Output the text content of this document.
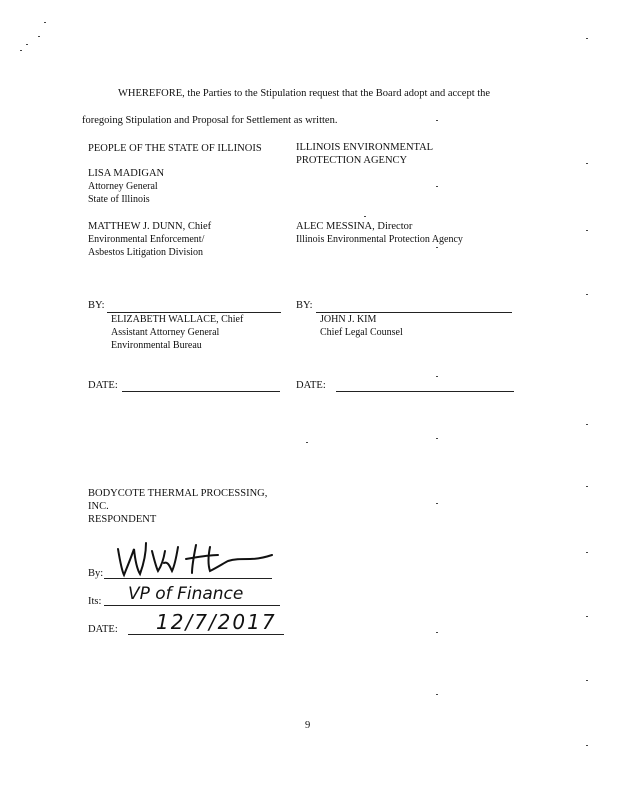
WHEREFORE, the Parties to the Stipulation request that the Board adopt and accept the
foregoing Stipulation and Proposal for Settlement as written.
PEOPLE OF THE STATE OF ILLINOIS
LISA MADIGAN
Attorney General
State of Illinois
MATTHEW J. DUNN, Chief
Environmental Enforcement/
Asbestos Litigation Division
BY:
ELIZABETH WALLACE, Chief
Assistant Attorney General
Environmental Bureau
DATE:
ILLINOIS ENVIRONMENTAL
PROTECTION AGENCY
ALEC MESSINA, Director
Illinois Environmental Protection Agency
BY:
JOHN J. KIM
Chief Legal Counsel
DATE:
BODYCOTE THERMAL PROCESSING,
INC.
RESPONDENT
By:
Its: VP of Finance
DATE: 12/7/2017
9
